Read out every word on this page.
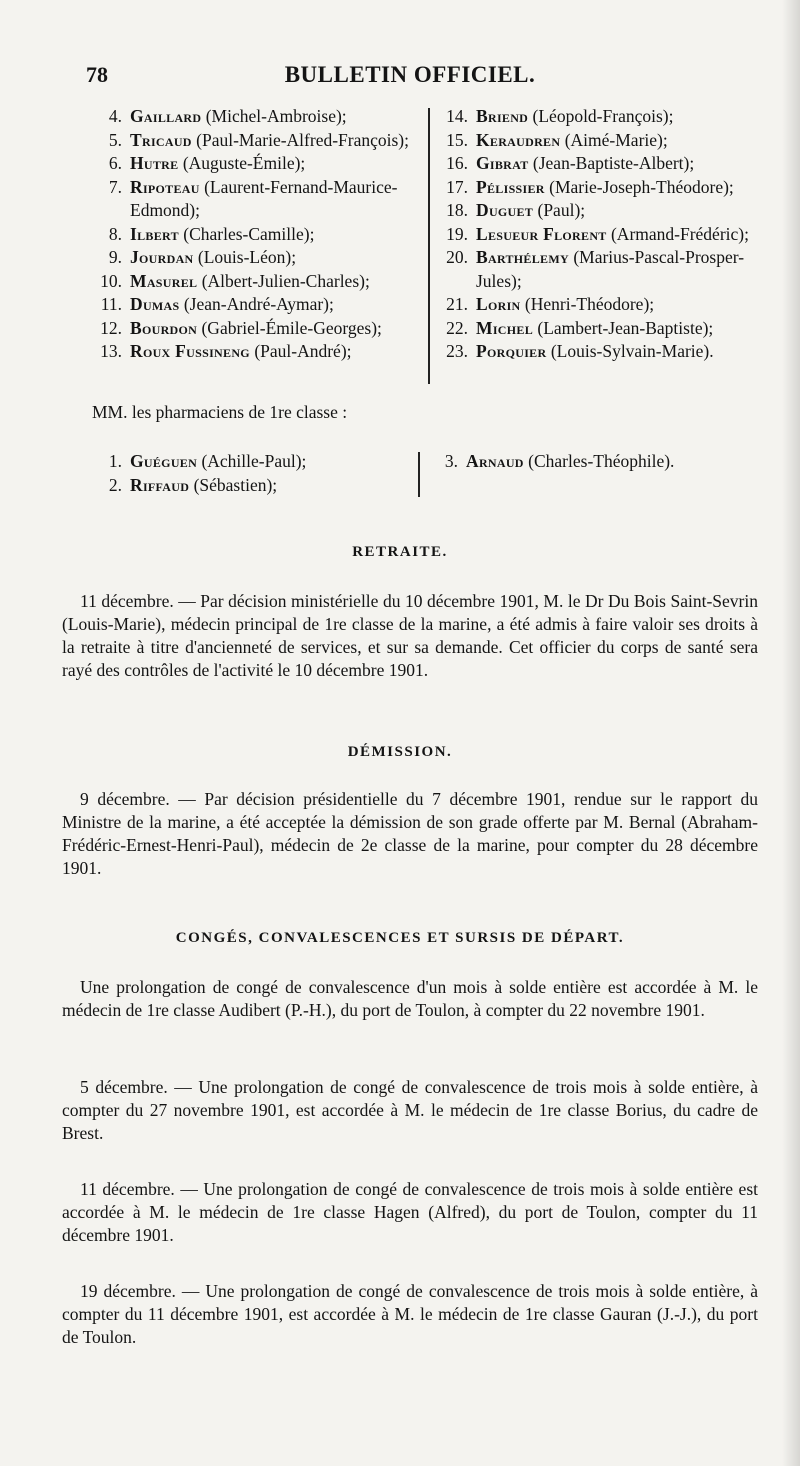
78	BULLETIN OFFICIEL.
4. Gaillard (Michel-Ambroise);
5. Tricaud (Paul-Marie-Alfred-François);
6. Hutre (Auguste-Émile);
7. Ripoteau (Laurent-Fernand-Maurice-Edmond);
8. Ilbert (Charles-Camille);
9. Jourdan (Louis-Léon);
10. Masurel (Albert-Julien-Charles);
11. Dumas (Jean-André-Aymar);
12. Bourdon (Gabriel-Émile-Georges);
13. Roux Fussineng (Paul-André);
14. Briend (Léopold-François);
15. Keraudren (Aimé-Marie);
16. Gibrat (Jean-Baptiste-Albert);
17. Pélissier (Marie-Joseph-Théodore);
18. Duguet (Paul);
19. Lesueur Florent (Armand-Frédéric);
20. Barthélemy (Marius-Pascal-Prosper-Jules);
21. Lorin (Henri-Théodore);
22. Michel (Lambert-Jean-Baptiste);
23. Porquier (Louis-Sylvain-Marie).
MM. les pharmaciens de 1re classe :
1. Guéguen (Achille-Paul);
2. Riffaud (Sébastien);
3. Arnaud (Charles-Théophile).
RETRAITE.

11 décembre. — Par décision ministérielle du 10 décembre 1901, M. le Dr Du Bois Saint-Sevrin (Louis-Marie), médecin principal de 1re classe de la marine, a été admis à faire valoir ses droits à la retraite à titre d'ancienneté de services, et sur sa demande. Cet officier du corps de santé sera rayé des contrôles de l'activité le 10 décembre 1901.

DÉMISSION.

9 décembre. — Par décision présidentielle du 7 décembre 1901, rendue sur le rapport du Ministre de la marine, a été acceptée la démission de son grade offerte par M. Bernal (Abraham-Frédéric-Ernest-Henri-Paul), médecin de 2e classe de la marine, pour compter du 28 décembre 1901.

CONGÉS, CONVALESCENCES ET SURSIS DE DÉPART.

Une prolongation de congé de convalescence d'un mois à solde entière est accordée à M. le médecin de 1re classe Audibert (P.-H.), du port de Toulon, à compter du 22 novembre 1901.

5 décembre. — Une prolongation de congé de convalescence de trois mois à solde entière, à compter du 27 novembre 1901, est accordée à M. le médecin de 1re classe Borius, du cadre de Brest.

11 décembre. — Une prolongation de congé de convalescence de trois mois à solde entière est accordée à M. le médecin de 1re classe Hagen (Alfred), du port de Toulon, compter du 11 décembre 1901.

19 décembre. — Une prolongation de congé de convalescence de trois mois à solde entière, à compter du 11 décembre 1901, est accordée à M. le médecin de 1re classe Gauran (J.-J.), du port de Toulon.
